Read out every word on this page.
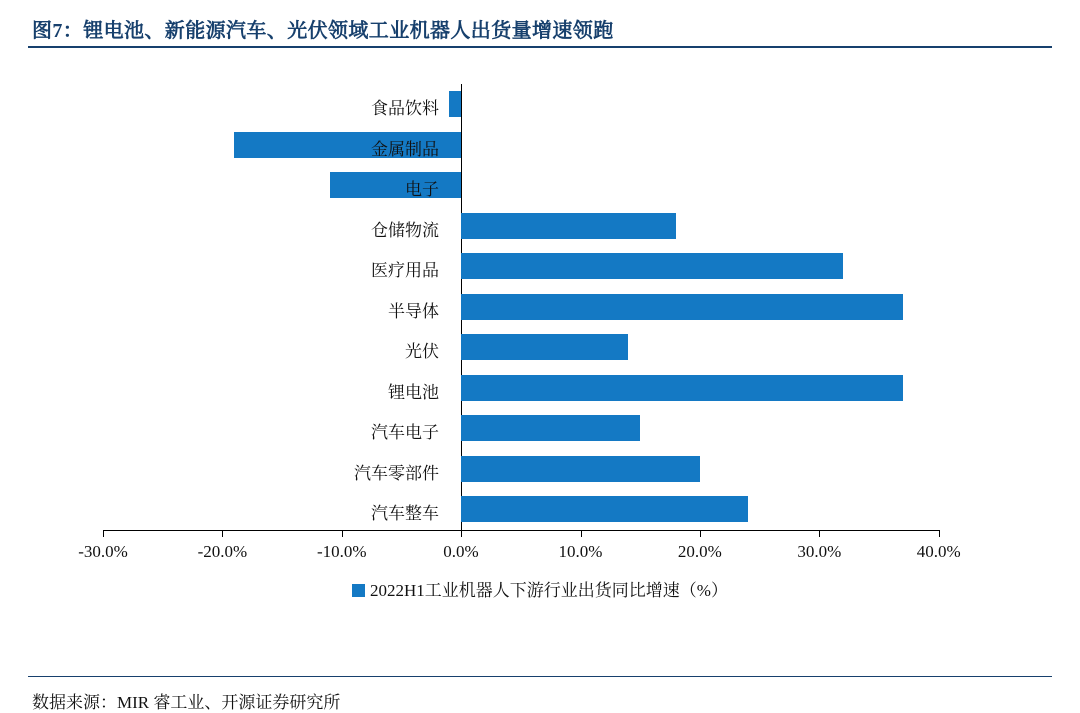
图7：锂电池、新能源汽车、光伏领域工业机器人出货量增速领跑
食品饮料
金属制品
电子
仓储物流
医疗用品
半导体
光伏
锂电池
汽车电子
汽车零部件
汽车整车
-30.0%	-20.0%	-10.0%	0.0%	10.0%	20.0%	30.0%	40.0%
2022H1工业机器人下游行业出货同比增速（%）
数据来源：MIR 睿工业、开源证券研究所
